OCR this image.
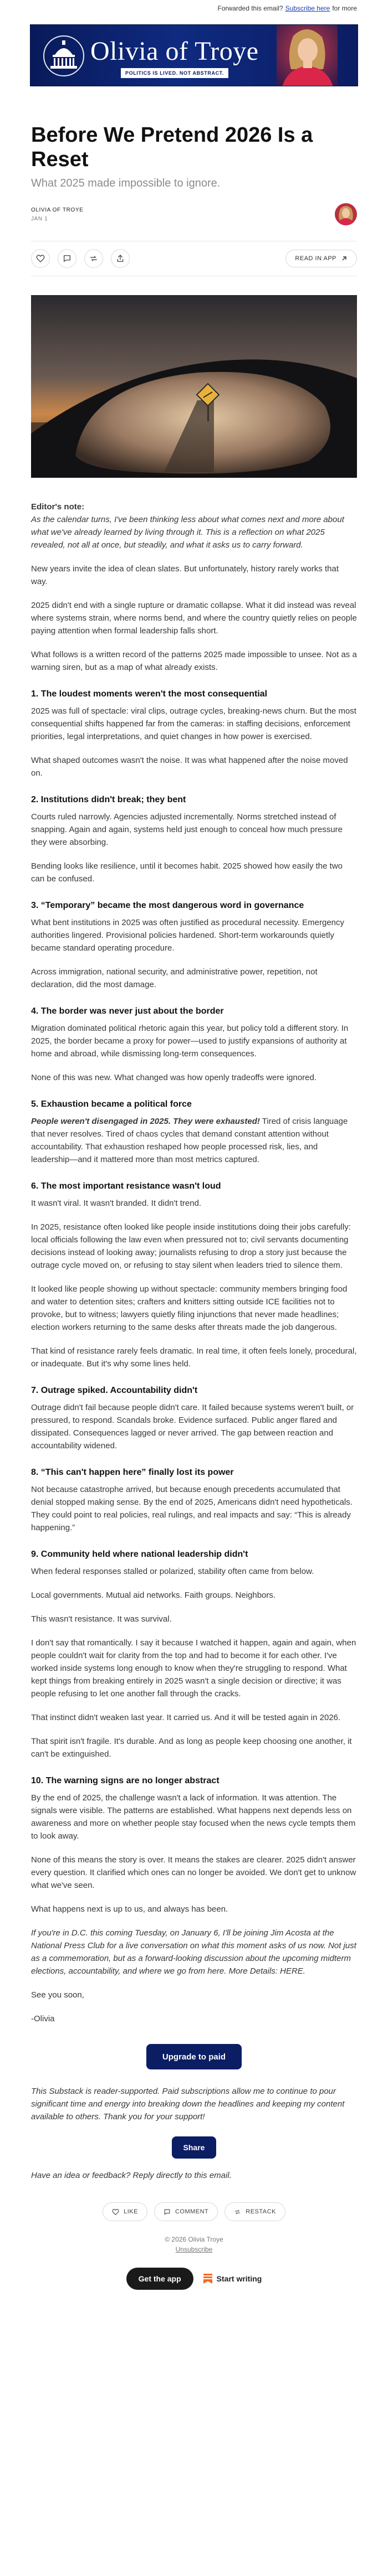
Forwarded this email? Subscribe here for more
Olivia of Troye
POLITICS IS LIVED. NOT ABSTRACT.
Before We Pretend 2026 Is a Reset
What 2025 made impossible to ignore.
OLIVIA OF TROYE
JAN 1
READ IN APP

Editor's note:

As the calendar turns, I've been thinking less about what comes next and more about what we've already learned by living through it. This is a reflection on what 2025 revealed, not all at once, but steadily, and what it asks us to carry forward.

New years invite the idea of clean slates. But unfortunately, history rarely works that way.

2025 didn't end with a single rupture or dramatic collapse. What it did instead was reveal where systems strain, where norms bend, and where the country quietly relies on people paying attention when formal leadership falls short.

What follows is a written record of the patterns 2025 made impossible to unsee. Not as a warning siren, but as a map of what already exists.

1. The loudest moments weren't the most consequential

2025 was full of spectacle: viral clips, outrage cycles, breaking-news churn. But the most consequential shifts happened far from the cameras: in staffing decisions, enforcement priorities, legal interpretations, and quiet changes in how power is exercised.

What shaped outcomes wasn't the noise. It was what happened after the noise moved on.

2. Institutions didn't break; they bent

Courts ruled narrowly. Agencies adjusted incrementally. Norms stretched instead of snapping. Again and again, systems held just enough to conceal how much pressure they were absorbing.

Bending looks like resilience, until it becomes habit. 2025 showed how easily the two can be confused.

3. “Temporary” became the most dangerous word in governance

What bent institutions in 2025 was often justified as procedural necessity. Emergency authorities lingered. Provisional policies hardened. Short-term workarounds quietly became standard operating procedure.

Across immigration, national security, and administrative power, repetition, not declaration, did the most damage.

4. The border was never just about the border

Migration dominated political rhetoric again this year, but policy told a different story. In 2025, the border became a proxy for power—used to justify expansions of authority at home and abroad, while dismissing long-term consequences.

None of this was new. What changed was how openly tradeoffs were ignored.

5. Exhaustion became a political force

People weren't disengaged in 2025. They were exhausted! Tired of crisis language that never resolves. Tired of chaos cycles that demand constant attention without accountability. That exhaustion reshaped how people processed risk, lies, and leadership—and it mattered more than most metrics captured.

6. The most important resistance wasn't loud

It wasn't viral. It wasn't branded. It didn't trend.

In 2025, resistance often looked like people inside institutions doing their jobs carefully: local officials following the law even when pressured not to; civil servants documenting decisions instead of looking away; journalists refusing to drop a story just because the outrage cycle moved on, or refusing to stay silent when leaders tried to silence them.

It looked like people showing up without spectacle: community members bringing food and water to detention sites; crafters and knitters sitting outside ICE facilities not to provoke, but to witness; lawyers quietly filing injunctions that never made headlines; election workers returning to the same desks after threats made the job dangerous.

That kind of resistance rarely feels dramatic. In real time, it often feels lonely, procedural, or inadequate. But it's why some lines held.

7. Outrage spiked. Accountability didn't

Outrage didn't fail because people didn't care. It failed because systems weren't built, or pressured, to respond. Scandals broke. Evidence surfaced. Public anger flared and dissipated. Consequences lagged or never arrived. The gap between reaction and accountability widened.

8. “This can't happen here” finally lost its power

Not because catastrophe arrived, but because enough precedents accumulated that denial stopped making sense. By the end of 2025, Americans didn't need hypotheticals. They could point to real policies, real rulings, and real impacts and say: “This is already happening.”

9. Community held where national leadership didn't

When federal responses stalled or polarized, stability often came from below.

Local governments. Mutual aid networks. Faith groups. Neighbors.

This wasn't resistance. It was survival.

I don't say that romantically. I say it because I watched it happen, again and again, when people couldn't wait for clarity from the top and had to become it for each other. I've worked inside systems long enough to know when they're struggling to respond. What kept things from breaking entirely in 2025 wasn't a single decision or directive; it was people refusing to let one another fall through the cracks.

That instinct didn't weaken last year. It carried us. And it will be tested again in 2026.

That spirit isn't fragile. It's durable. And as long as people keep choosing one another, it can't be extinguished.

10. The warning signs are no longer abstract

By the end of 2025, the challenge wasn't a lack of information. It was attention. The signals were visible. The patterns are established. What happens next depends less on awareness and more on whether people stay focused when the news cycle tempts them to look away.

None of this means the story is over. It means the stakes are clearer. 2025 didn't answer every question. It clarified which ones can no longer be avoided. We don't get to unknow what we've seen.

What happens next is up to us, and always has been.

If you're in D.C. this coming Tuesday, on January 6, I'll be joining Jim Acosta at the National Press Club for a live conversation on what this moment asks of us now. Not just as a commemoration, but as a forward-looking discussion about the upcoming midterm elections, accountability, and where we go from here. More Details: HERE.

See you soon,

-Olivia

Upgrade to paid

This Substack is reader-supported. Paid subscriptions allow me to continue to pour significant time and energy into breaking down the headlines and keeping my content available to others. Thank you for your support!

Share

Have an idea or feedback? Reply directly to this email.

LIKE	COMMENT	RESTACK
© 2026 Olivia Troye
Unsubscribe
Get the app	Start writing
